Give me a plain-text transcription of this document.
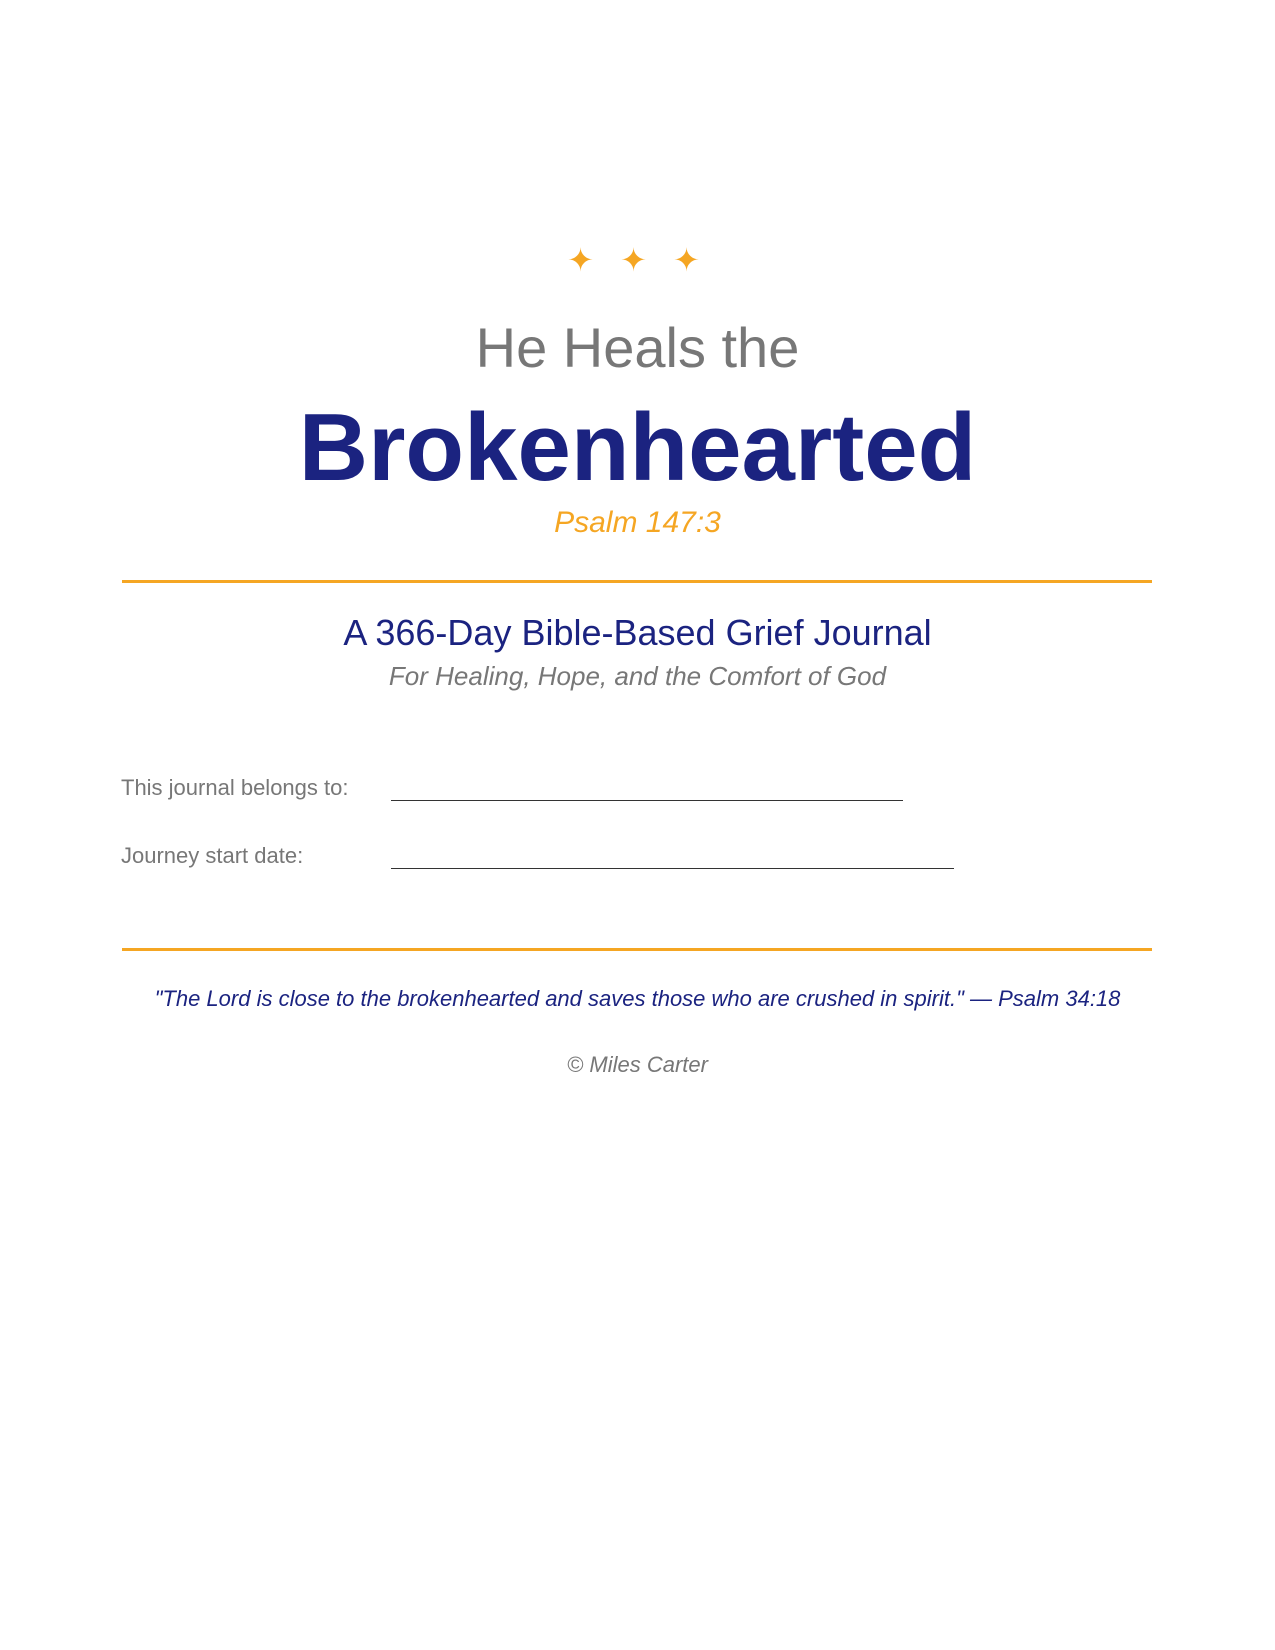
✦ ✦ ✦
He Heals the
Brokenhearted
Psalm 147:3
A 366-Day Bible-Based Grief Journal
For Healing, Hope, and the Comfort of God
This journal belongs to:
Journey start date:
"The Lord is close to the brokenhearted and saves those who are crushed in spirit." — Psalm 34:18
© Miles Carter
